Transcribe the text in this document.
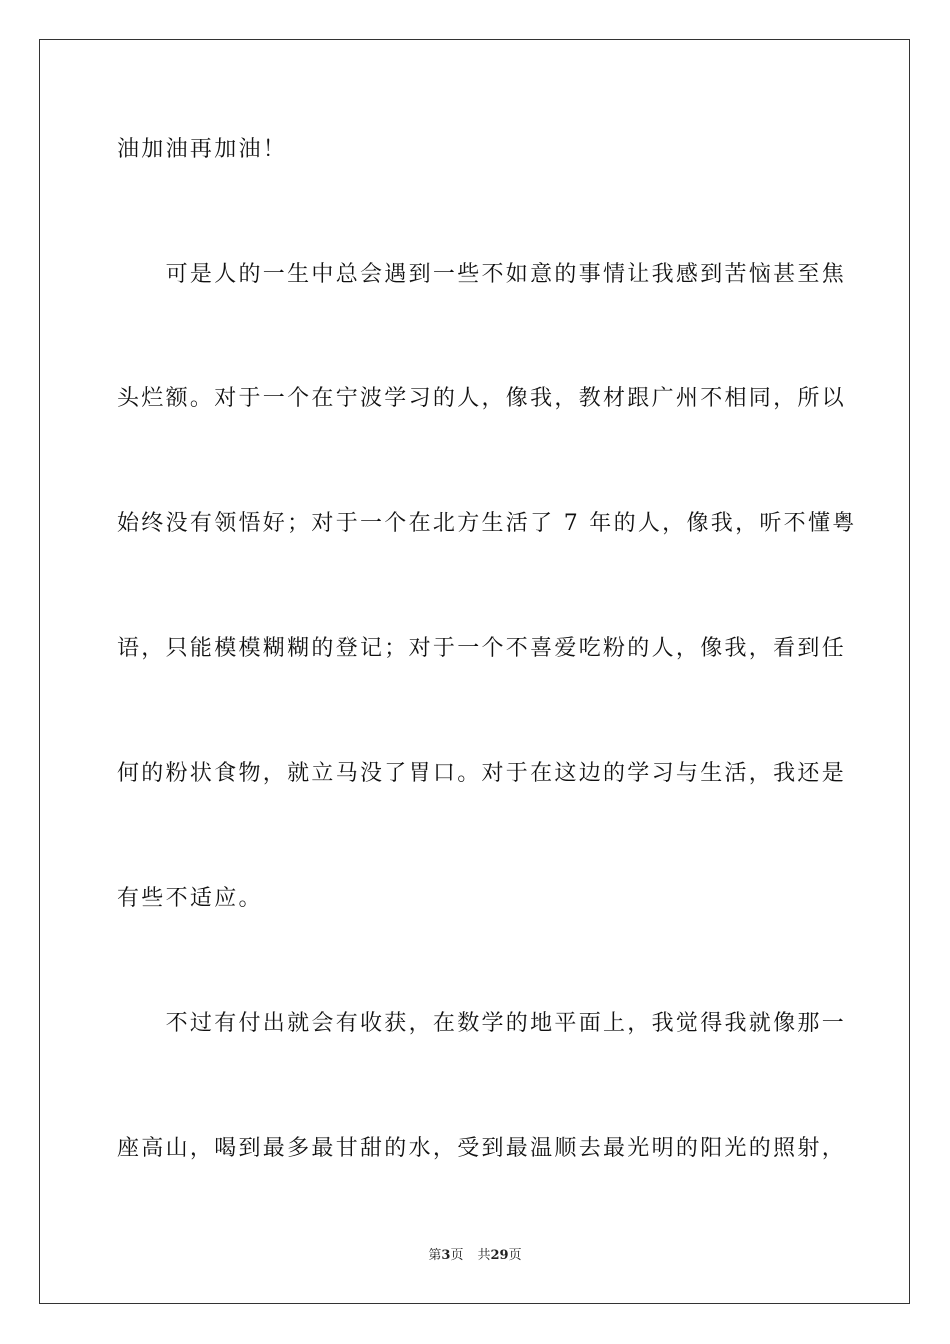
油加油再加油！

　　可是人的一生中总会遇到一些不如意的事情让我感到苦恼甚至焦

头烂额。对于一个在宁波学习的人，像我，教材跟广州不相同，所以

始终没有领悟好；对于一个在北方生活了 7 年的人，像我，听不懂粤

语，只能模模糊糊的登记；对于一个不喜爱吃粉的人，像我，看到任

何的粉状食物，就立马没了胃口。对于在这边的学习与生活，我还是

有些不适应。

　　不过有付出就会有收获，在数学的地平面上，我觉得我就像那一

座高山，喝到最多最甘甜的水，受到最温顺去最光明的阳光的照射，

第3页 共29页
